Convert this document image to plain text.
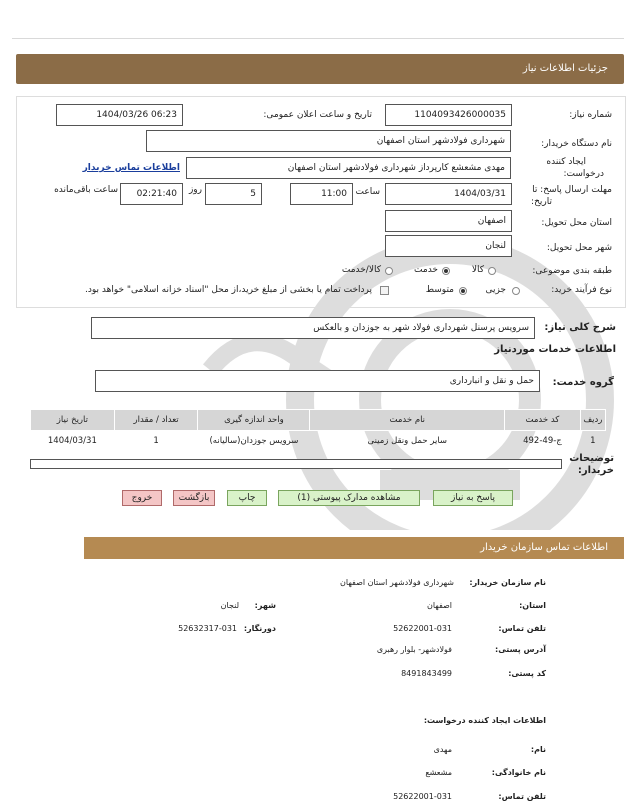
جزئیات اطلاعات نیاز
شماره نیاز:
1104093426000035
تاریخ و ساعت اعلان عمومی:
1404/03/26 06:23
نام دستگاه خریدار:
شهرداری فولادشهر استان اصفهان
ایجاد کننده
درخواست:
مهدی مشعشع کارپرداز شهرداری فولادشهر استان اصفهان
اطلاعات تماس خریدار
مهلت ارسال پاسخ: تا
تاریخ:
1404/03/31
ساعت
11:00
5
روز
02:21:40
ساعت باقی‌مانده
استان محل تحویل:
اصفهان
شهر محل تحویل:
لنجان
طبقه بندی موضوعی:
کالا
خدمت
کالا/خدمت
نوع فرآیند خرید:
جزیی
متوسط
پرداخت تمام یا بخشی از مبلغ خرید،از محل "اسناد خزانه اسلامی" خواهد بود.
شرح کلی نیاز:
سرویس پرسنل شهرداری فولاد شهر به جوزدان و بالعکس
اطلاعات خدمات موردنیاز
گروه خدمت:
حمل و نقل و انبارداری
ردیف	کد خدمت	نام خدمت	واحد اندازه گیری	تعداد / مقدار	تاریخ نیاز
1	ج-49-492	سایر حمل ونقل زمینی	سرویس جوزدان(سالیانه)	1	1404/03/31
توضیحات
خریدار:
پاسخ به نیاز
مشاهده مدارک پیوستی (1)
چاپ
بازگشت
خروج
اطلاعات تماس سازمان خریدار
نام سازمان خریدار:
شهرداری فولادشهر استان اصفهان
استان:
اصفهان
شهر:
لنجان
تلفن تماس:
52622001-031
دورنگار:
52632317-031
آدرس پستی:
فولادشهر- بلوار رهبری
کد پستی:
8491843499
اطلاعات ایجاد کننده درخواست:
نام:
مهدی
نام خانوادگی:
مشعشع
تلفن تماس:
52622001-031
